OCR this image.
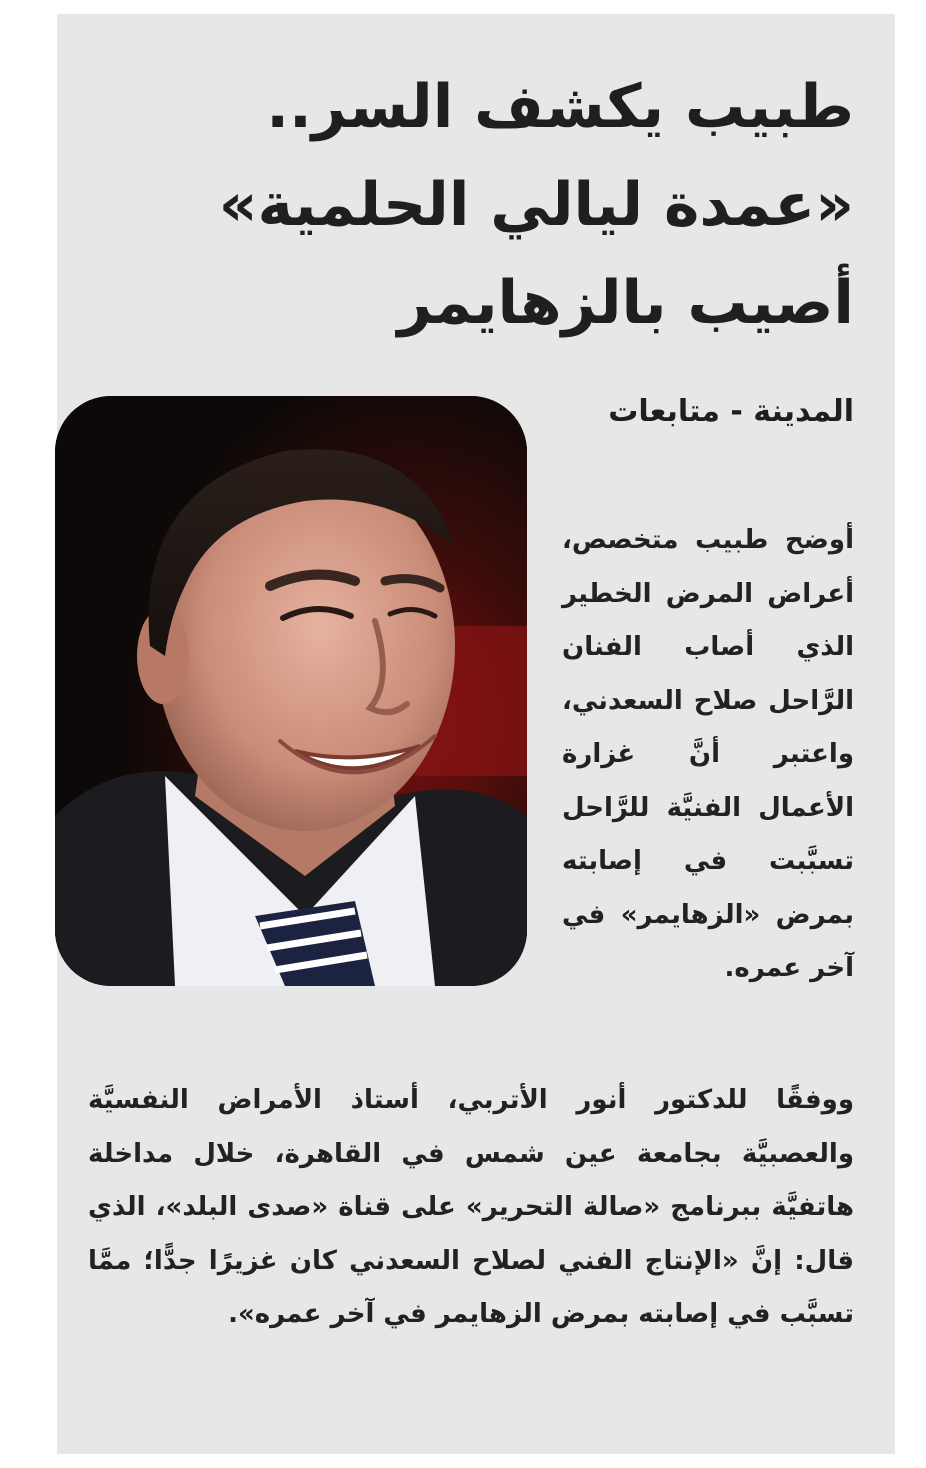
طبيب يكشف السر..
«عمدة ليالي الحلمية»
أصيب بالزهايمر
المدينة - متابعات

أوضح طبيب متخصص، أعراض المرض الخطير الذي أصاب الفنان الرَّاحل صلاح السعدني، واعتبر أنَّ غزارة الأعمال الفنيَّة للرَّاحل تسبَّبت في إصابته بمرض «الزهايمر» في آخر عمره.

ووفقًا للدكتور أنور الأتربي، أستاذ الأمراض النفسيَّة والعصبيَّة بجامعة عين شمس في القاهرة، خلال مداخلة هاتفيَّة ببرنامج «صالة التحرير» على قناة «صدى البلد»، الذي قال: إنَّ «الإنتاج الفني لصلاح السعدني كان غزيرًا جدًّا؛ ممَّا تسبَّب في إصابته بمرض الزهايمر في آخر عمره».
